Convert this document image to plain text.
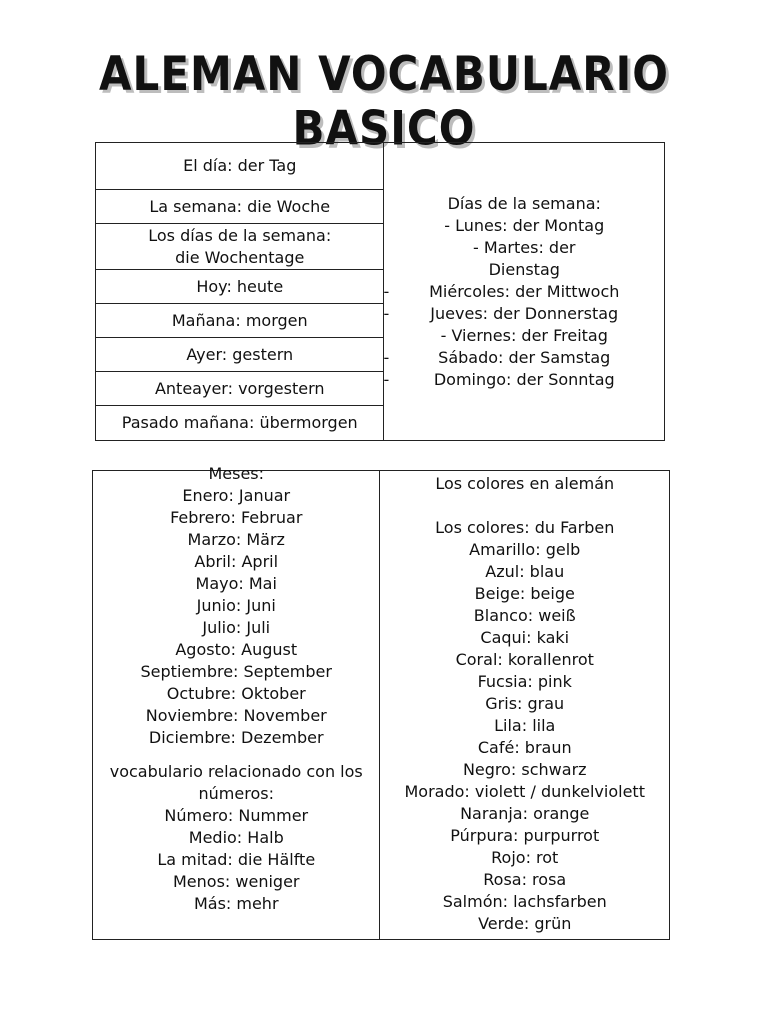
ALEMAN VOCABULARIO BASICO
El día: der Tag	
Días de la semana:
- Lunes: der Montag
- Martes: der
Dienstag
- Miércoles: der Mittwoch
-	Jueves: der Donnerstag
- Viernes: der Freitag
-	Sábado: der Samstag
-	Domingo: der Sonntag

La semana: die Woche

Los días de la semana:
die Wochentage

Hoy: heute
Mañana: morgen
Ayer: gestern
Anteayer: vorgestern
Pasado mañana: übermorgen
Meses:
Enero: Januar
Febrero: Februar
Marzo: März
Abril: April
Mayo: Mai
Junio: Juni
Julio: Juli
Agosto: August
Septiembre: September
Octubre: Oktober
Noviembre: November
Diciembre: Dezember
vocabulario relacionado con los
números:
Número: Nummer
Medio: Halb
La mitad: die Hälfte
Menos: weniger
Más: mehr

Los colores en alemán
Los colores: du Farben
Amarillo: gelb
Azul: blau
Beige: beige
Blanco: weiß
Caqui: kaki
Coral: korallenrot
Fucsia: pink
Gris: grau
Lila: lila
Café: braun
Negro: schwarz
Morado: violett / dunkelviolett
Naranja: orange
Púrpura: purpurrot
Rojo: rot
Rosa: rosa
Salmón: lachsfarben
Verde: grün
